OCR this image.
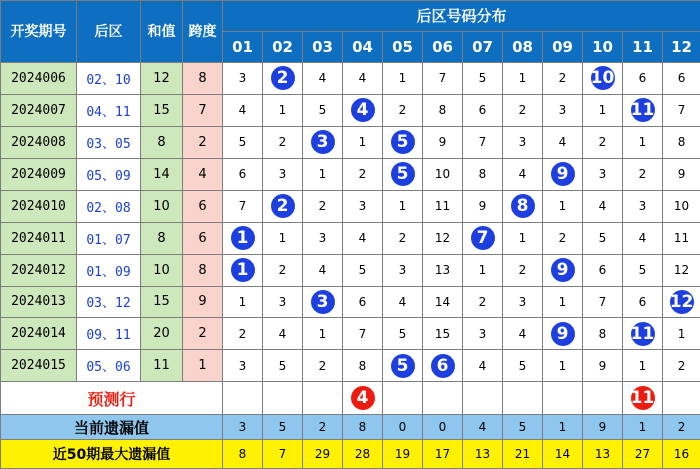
开奖期号	后区	和值	跨度	后区号码分布											
				01	02	03	04	05	06	07	08	09	10	11	12
2024006	02、10	12	8	3	2	4	4	1	7	5	1	2	10	6	6
2024007	04、11	15	7	4	1	5	4	2	8	6	2	3	1	11	7
2024008	03、05	8	2	5	2	3	1	5	9	7	3	4	2	1	8
2024009	05、09	14	4	6	3	1	2	5	10	8	4	9	3	2	9
2024010	02、08	10	6	7	2	2	3	1	11	9	8	1	4	3	10
2024011	01、07	8	6	1	1	3	4	2	12	7	1	2	5	4	11
2024012	01、09	10	8	1	2	4	5	3	13	1	2	9	6	5	12
2024013	03、12	15	9	1	3	3	6	4	14	2	3	1	7	6	12
2024014	09、11	20	2	2	4	1	7	5	15	3	4	9	8	11	1
2024015	05、06	11	1	3	5	2	8	5	6	4	5	1	9	1	2
预测行							4							11	
当前遗漏值				3	5	2	8	0	0	4	5	1	9	1	2
近50期最大遗漏值				8	7	29	28	19	17	13	21	14	13	27	16
